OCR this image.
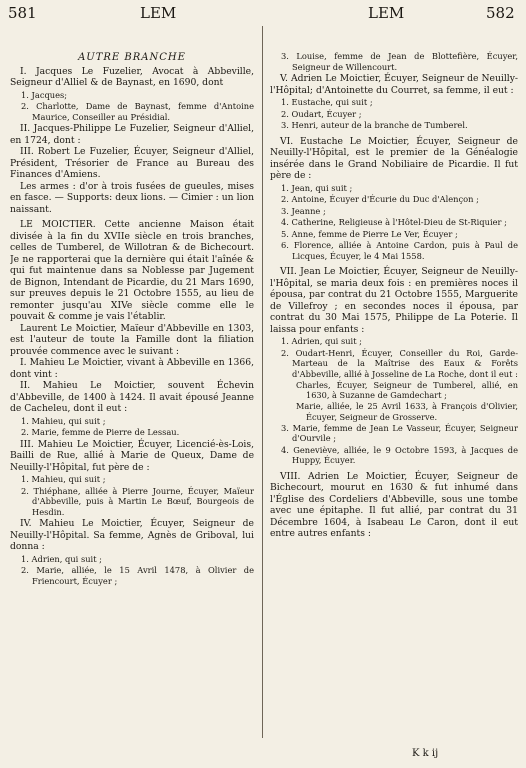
581	LEM	LEM	582

AUTRE BRANCHE

I. Jacques Le Fuzelier, Avocat à Abbeville, Seigneur d'Alliel & de Baynast, en 1690, dont

1. Jacques;

2. Charlotte, Dame de Baynast, femme d'Antoine Maurice, Conseiller au Présidial.

II. Jacques-Philippe Le Fuzelier, Seigneur d'Alliel, en 1724, dont :

III. Robert Le Fuzelier, Écuyer, Seigneur d'Alliel, Président, Trésorier de France au Bureau des Finances d'Amiens.

Les armes : d'or à trois fusées de gueules, mises en fasce. — Supports: deux lions. — Cimier : un lion naissant.

LE MOICTIER. Cette ancienne Maison était divisée à la fin du XVIIe siècle en trois branches, celles de Tumberel, de Willotran & de Bichecourt. Je ne rapporterai que la dernière qui était l'aînée & qui fut maintenue dans sa Noblesse par Jugement de Bignon, Intendant de Picardie, du 21 Mars 1690, sur preuves depuis le 21 Octobre 1555, au lieu de remonter jusqu'au XIVe siècle comme elle le pouvait & comme je vais l'établir.

Laurent Le Moictier, Maïeur d'Abbeville en 1303, est l'auteur de toute la Famille dont la filiation prouvée commence avec le suivant :

I. Mahieu Le Moictier, vivant à Abbeville en 1366, dont vint :

II. Mahieu Le Moictier, souvent Échevin d'Abbeville, de 1400 à 1424. Il avait épousé Jeanne de Cacheleu, dont il eut :

1. Mahieu, qui suit ;

2. Marie, femme de Pierre de Lessau.

III. Mahieu Le Moictier, Écuyer, Licencié-ès-Lois, Bailli de Rue, allié à Marie de Queux, Dame de Neuilly-l'Hôpital, fut père de :

1. Mahieu, qui suit ;

2. Thiéphane, alliée à Pierre Journe, Écuyer, Maïeur d'Abbeville, puis à Martin Le Bœuf, Bourgeois de Hesdin.

IV. Mahieu Le Moictier, Écuyer, Seigneur de Neuilly-l'Hôpital. Sa femme, Agnès de Griboval, lui donna :

1. Adrien, qui suit ;

2. Marie, alliée, le 15 Avril 1478, à Olivier de Friencourt, Écuyer ;

3. Louise, femme de Jean de Blottefière, Écuyer, Seigneur de Willencourt.

V. Adrien Le Moictier, Écuyer, Seigneur de Neuilly-l'Hôpital; d'Antoinette du Courret, sa femme, il eut :

1. Eustache, qui suit ;

2. Oudart, Écuyer ;

3. Henri, auteur de la branche de Tumberel.

VI. Eustache Le Moictier, Écuyer, Seigneur de Neuilly-l'Hôpital, est le premier de la Généalogie insérée dans le Grand Nobiliaire de Picardie. Il fut père de :

1. Jean, qui suit ;

2. Antoine, Écuyer d'Écurie du Duc d'Alençon ;

3. Jeanne ;

4. Catherine, Religieuse à l'Hôtel-Dieu de St-Riquier ;

5. Anne, femme de Pierre Le Ver, Écuyer ;

6. Florence, alliée à Antoine Cardon, puis à Paul de Licques, Écuyer, le 4 Mai 1558.

VII. Jean Le Moictier, Écuyer, Seigneur de Neuilly-l'Hôpital, se maria deux fois : en premières noces il épousa, par contrat du 21 Octobre 1555, Marguerite de Villefroy ; en secondes noces il épousa, par contrat du 30 Mai 1575, Philippe de La Poterie. Il laissa pour enfants :

1. Adrien, qui suit ;

2. Oudart-Henri, Écuyer, Conseiller du Roi, Garde-Marteau de la Maîtrise des Eaux & Forêts d'Abbeville, allié à Josseline de La Roche, dont il eut :

Charles, Écuyer, Seigneur de Tumberel, allié, en 1630, à Suzanne de Gamdechart ;

Marie, alliée, le 25 Avril 1633, à François d'Olivier, Écuyer, Seigneur de Grosserve.

3. Marie, femme de Jean Le Vasseur, Écuyer, Seigneur d'Ourvile ;

4. Geneviève, alliée, le 9 Octobre 1593, à Jacques de Huppy, Écuyer.

VIII. Adrien Le Moictier, Écuyer, Seigneur de Bichecourt, mourut en 1630 & fut inhumé dans l'Église des Cordeliers d'Abbeville, sous une tombe avec une épitaphe. Il fut allié, par contrat du 31 Décembre 1604, à Isabeau Le Caron, dont il eut entre autres enfants :

K k ij
